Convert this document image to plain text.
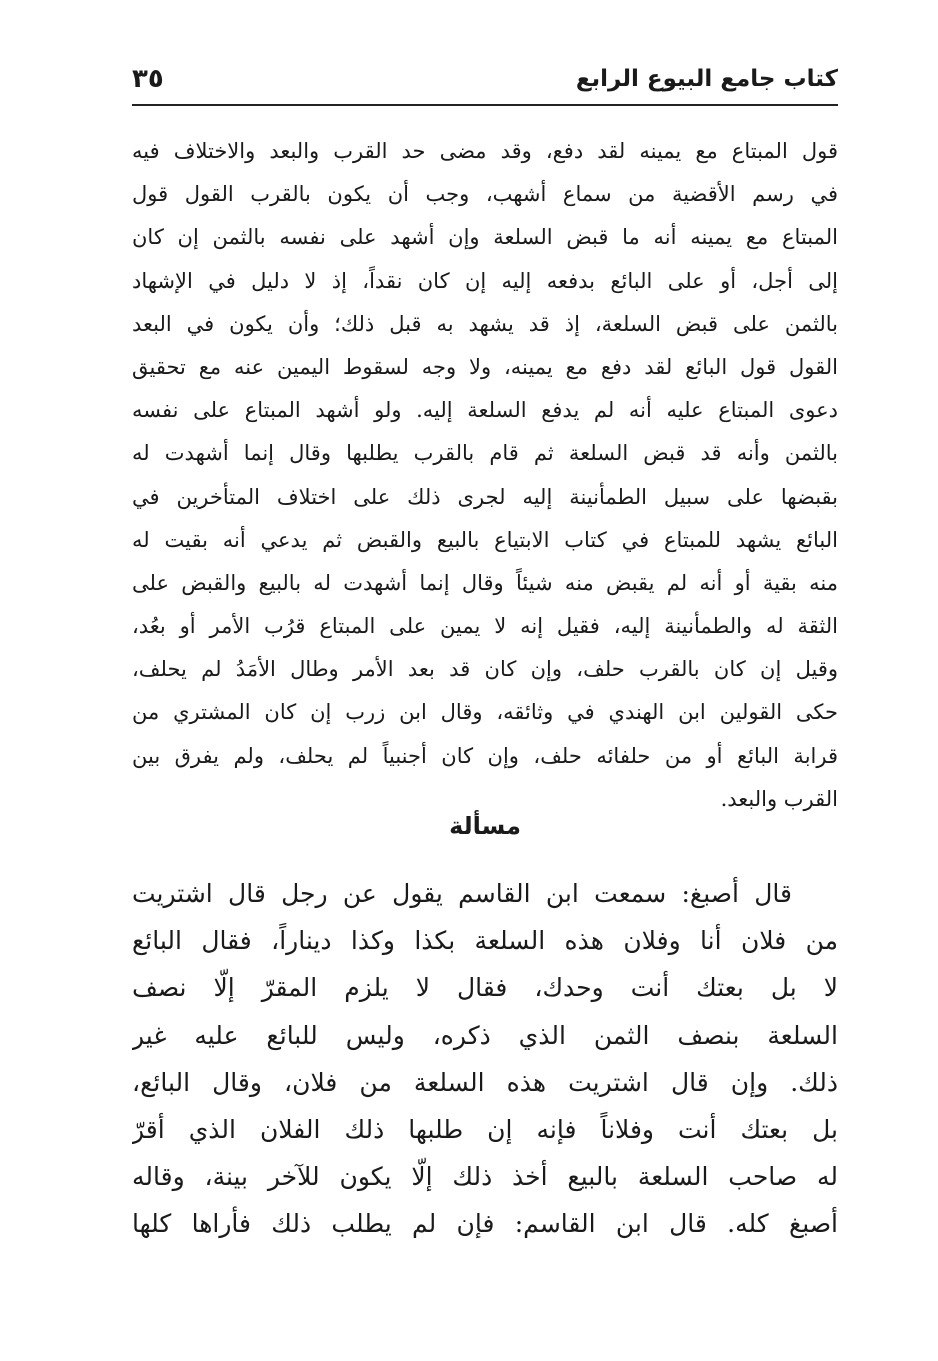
كتاب جامع البيوع الرابع
٣٥
قول المبتاع مع يمينه لقد دفع، وقد مضى حد القرب والبعد والاختلاف فيه
في رسم الأقضية من سماع أشهب، وجب أن يكون بالقرب القول قول
المبتاع مع يمينه أنه ما قبض السلعة وإن أشهد على نفسه بالثمن إن كان
إلى أجل، أو على البائع بدفعه إليه إن كان نقداً، إذ لا دليل في الإشهاد
بالثمن على قبض السلعة، إذ قد يشهد به قبل ذلك؛ وأن يكون في البعد
القول قول البائع لقد دفع مع يمينه، ولا وجه لسقوط اليمين عنه مع تحقيق
دعوى المبتاع عليه أنه لم يدفع السلعة إليه. ولو أشهد المبتاع على نفسه
بالثمن وأنه قد قبض السلعة ثم قام بالقرب يطلبها وقال إنما أشهدت له
بقبضها على سبيل الطمأنينة إليه لجرى ذلك على اختلاف المتأخرين في
البائع يشهد للمبتاع في كتاب الابتياع بالبيع والقبض ثم يدعي أنه بقيت له
منه بقية أو أنه لم يقبض منه شيئاً وقال إنما أشهدت له بالبيع والقبض على
الثقة له والطمأنينة إليه، فقيل إنه لا يمين على المبتاع قرُب الأمر أو بعُد،
وقيل إن كان بالقرب حلف، وإن كان قد بعد الأمر وطال الأمَدُ لم يحلف،
حكى القولين ابن الهندي في وثائقه، وقال ابن زرب إن كان المشتري من
قرابة البائع أو من حلفائه حلف، وإن كان أجنبياً لم يحلف، ولم يفرق بين
القرب والبعد.
مسألة
قال أصبغ: سمعت ابن القاسم يقول عن رجل قال اشتريت
من فلان أنا وفلان هذه السلعة بكذا وكذا ديناراً، فقال البائع
لا بل بعتك أنت وحدك، فقال لا يلزم المقرّ إلّا نصف
السلعة بنصف الثمن الذي ذكره، وليس للبائع عليه غير
ذلك. وإن قال اشتريت هذه السلعة من فلان، وقال البائع،
بل بعتك أنت وفلاناً فإنه إن طلبها ذلك الفلان الذي أقرّ
له صاحب السلعة بالبيع أخذ ذلك إلّا يكون للآخر بينة، وقاله
أصبغ كله. قال ابن القاسم: فإن لم يطلب ذلك فأراها كلها
